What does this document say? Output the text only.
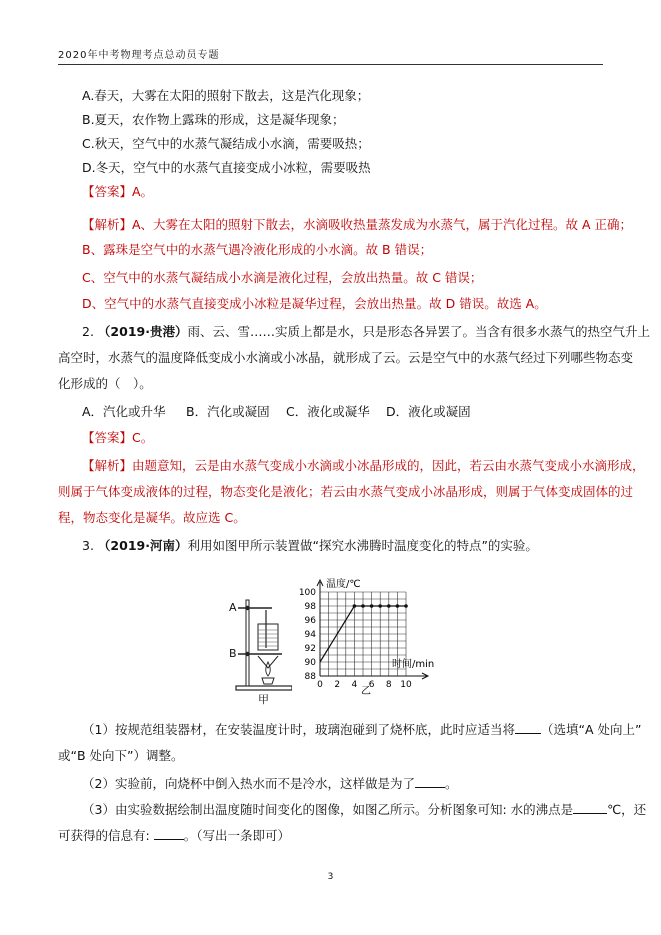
2020年中考物理考点总动员专题
A.春天，大雾在太阳的照射下散去，这是汽化现象；
B.夏天，农作物上露珠的形成，这是凝华现象；
C.秋天，空气中的水蒸气凝结成小水滴，需要吸热；
D.冬天，空气中的水蒸气直接变成小冰粒，需要吸热
【答案】A。
【解析】A、大雾在太阳的照射下散去，水滴吸收热量蒸发成为水蒸气，属于汽化过程。故 A 正确；
B、露珠是空气中的水蒸气遇冷液化形成的小水滴。故 B 错误；
C、空气中的水蒸气凝结成小水滴是液化过程，会放出热量。故 C 错误；
D、空气中的水蒸气直接变成小冰粒是凝华过程，会放出热量。故 D 错误。故选 A。
2. （2019·贵港）雨、云、雪……实质上都是水，只是形态各异罢了。当含有很多水蒸气的热空气升上
高空时，水蒸气的温度降低变成小水滴或小冰晶，就形成了云。云是空气中的水蒸气经过下列哪些物态变
化形成的（　）。
A．汽化或升华 B．汽化或凝固 C．液化或凝华 D．液化或凝固
【答案】C。
【解析】由题意知，云是由水蒸气变成小水滴或小冰晶形成的，因此，若云由水蒸气变成小水滴形成，
则属于气体变成液体的过程，物态变化是液化；若云由水蒸气变成小冰晶形成，则属于气体变成固体的过
程，物态变化是凝华。故应选 C。
3. （2019·河南）利用如图甲所示装置做“探究水沸腾时温度变化的特点”的实验。
A
B
甲
88
90
92
94
96
98
100
0 2 4 6 8 10
温度/℃
时间/min
乙
（1）按规范组装器材，在安装温度计时，玻璃泡碰到了烧杯底，此时应适当将 （选填“A 处向上”
或“B 处向下”）调整。
（2）实验前，向烧杯中倒入热水而不是冷水，这样做是为了 。
（3）由实验数据绘制出温度随时间变化的图像，如图乙所示。分析图象可知: 水的沸点是	℃，还
可获得的信息有:	。（写出一条即可）
3
